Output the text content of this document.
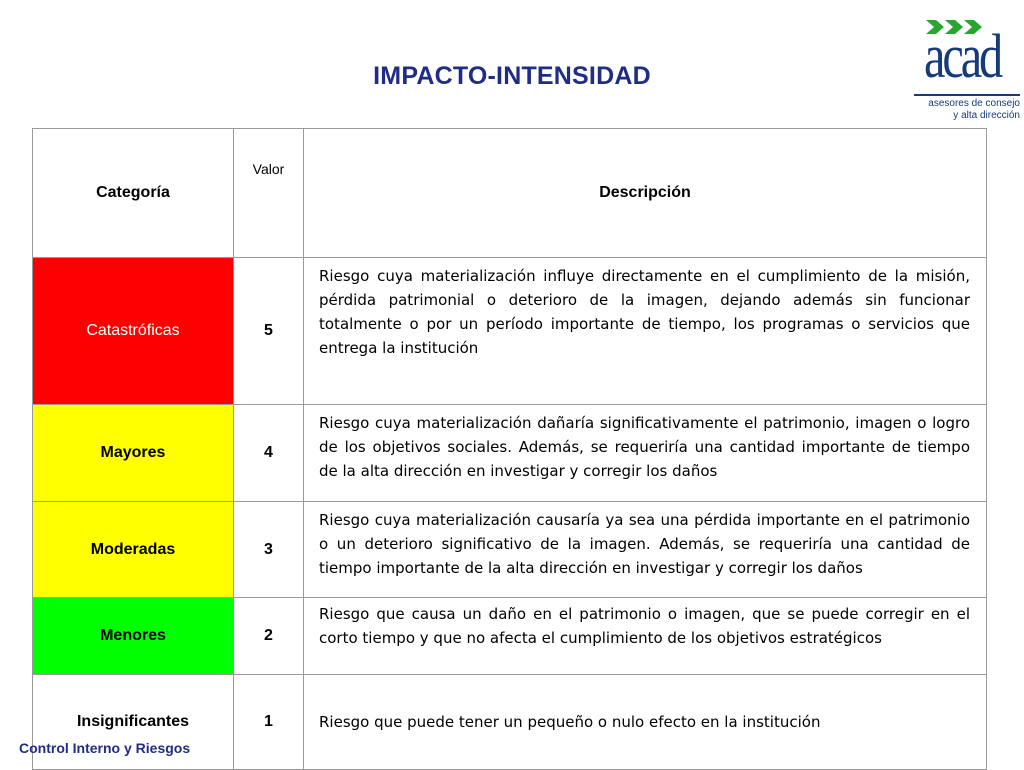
IMPACTO-INTENSIDAD	acad
asesores de consejo
y alta dirección
Categoría	Valor	Descripción
Catastróficas	5	Riesgo cuya materialización influye directamente en el cumplimiento de la misión, pérdida patrimonial o deterioro de la imagen, dejando además sin funcionar totalmente o por un período importante de tiempo, los programas o servicios que entrega la institución
Mayores	4	Riesgo cuya materialización dañaría significativamente el patrimonio, imagen o logro de los objetivos sociales. Además, se requeriría una cantidad importante de tiempo de la alta dirección en investigar y corregir los daños
Moderadas	3	Riesgo cuya materialización causaría ya sea una pérdida importante en el patrimonio o un deterioro significativo de la imagen. Además, se requeriría una cantidad de tiempo importante de la alta dirección en investigar y corregir los daños
Menores	2	Riesgo que causa un daño en el patrimonio o imagen, que se puede corregir en el corto tiempo y que no afecta el cumplimiento de los objetivos estratégicos
Insignificantes	1	Riesgo que puede tener un pequeño o nulo efecto en la institución
Control Interno y Riesgos
